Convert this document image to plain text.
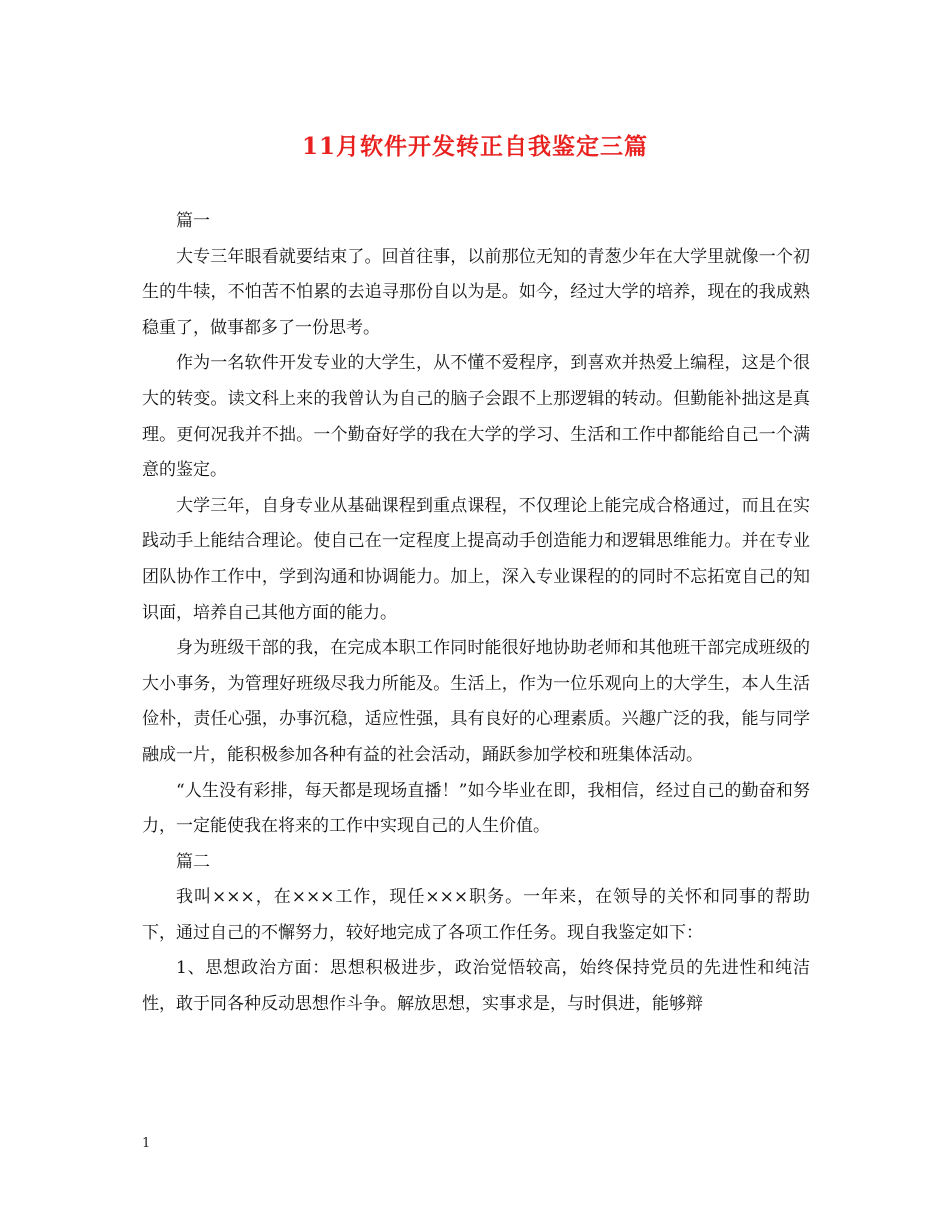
11月软件开发转正自我鉴定三篇

篇一

大专三年眼看就要结束了。回首往事，以前那位无知的青葱少年在大学里就像一个初生的牛犊，不怕苦不怕累的去追寻那份自以为是。如今，经过大学的培养，现在的我成熟稳重了，做事都多了一份思考。

作为一名软件开发专业的大学生，从不懂不爱程序，到喜欢并热爱上编程，这是个很大的转变。读文科上来的我曾认为自己的脑子会跟不上那逻辑的转动。但勤能补拙这是真理。更何况我并不拙。一个勤奋好学的我在大学的学习、生活和工作中都能给自己一个满意的鉴定。

大学三年，自身专业从基础课程到重点课程，不仅理论上能完成合格通过，而且在实践动手上能结合理论。使自己在一定程度上提高动手创造能力和逻辑思维能力。并在专业团队协作工作中，学到沟通和协调能力。加上，深入专业课程的的同时不忘拓宽自己的知识面，培养自己其他方面的能力。

身为班级干部的我，在完成本职工作同时能很好地协助老师和其他班干部完成班级的大小事务，为管理好班级尽我力所能及。生活上，作为一位乐观向上的大学生，本人生活俭朴，责任心强，办事沉稳，适应性强，具有良好的心理素质。兴趣广泛的我，能与同学融成一片，能积极参加各种有益的社会活动，踊跃参加学校和班集体活动。

“人生没有彩排，每天都是现场直播！”如今毕业在即，我相信，经过自己的勤奋和努力，一定能使我在将来的工作中实现自己的人生价值。

篇二

我叫×××，在×××工作，现任×××职务。一年来，在领导的关怀和同事的帮助下，通过自己的不懈努力，较好地完成了各项工作任务。现自我鉴定如下：

1、思想政治方面：思想积极进步，政治觉悟较高，始终保持党员的先进性和纯洁性，敢于同各种反动思想作斗争。解放思想，实事求是，与时俱进，能够辩

1
